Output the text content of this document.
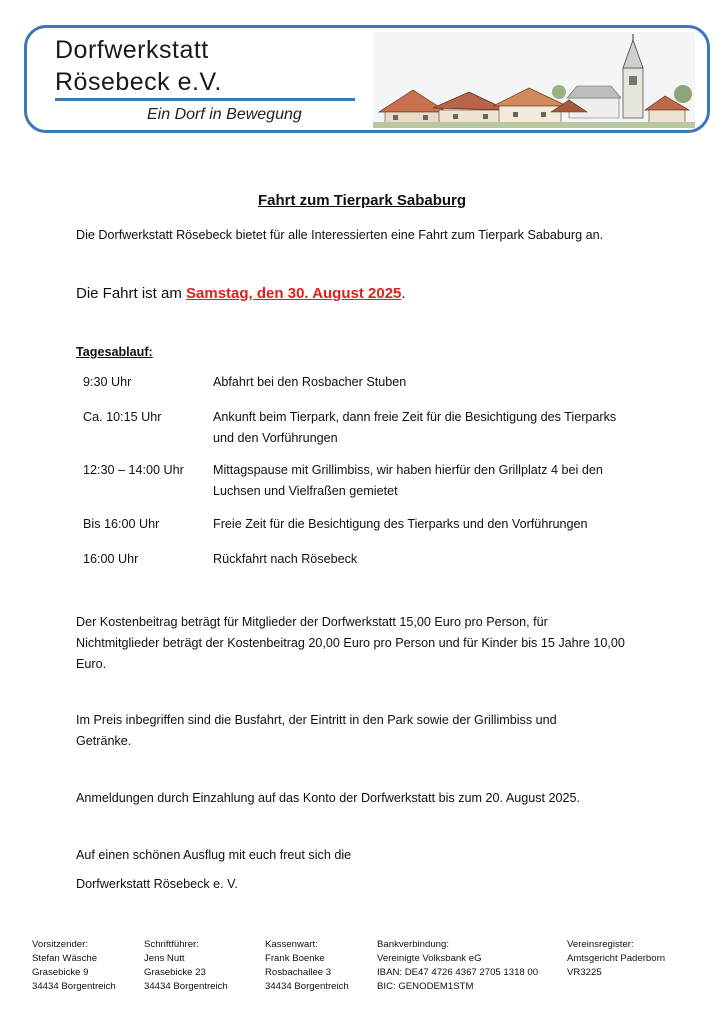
Dorfwerkstatt
Rösebeck e.V.
Ein Dorf in Bewegung
Fahrt zum Tierpark Sababurg
Die Dorfwerkstatt Rösebeck bietet für alle Interessierten eine Fahrt zum Tierpark Sababurg an.
Die Fahrt ist am Samstag, den 30. August 2025.
Tagesablauf:
9:30 Uhr	Abfahrt bei den Rosbacher Stuben
Ca. 10:15 Uhr	Ankunft beim Tierpark, dann freie Zeit für die Besichtigung des Tierparks und den Vorführungen
12:30 – 14:00 Uhr	Mittagspause mit Grillimbiss, wir haben hierfür den Grillplatz 4 bei den Luchsen und Vielfraßen gemietet
Bis 16:00 Uhr	Freie Zeit für die Besichtigung des Tierparks und den Vorführungen
16:00 Uhr	Rückfahrt nach Rösebeck
Der Kostenbeitrag beträgt für Mitglieder der Dorfwerkstatt 15,00 Euro pro Person, für Nichtmitglieder beträgt der Kostenbeitrag 20,00 Euro pro Person und für Kinder bis 15 Jahre 10,00 Euro.
Im Preis inbegriffen sind die Busfahrt, der Eintritt in den Park sowie der Grillimbiss und Getränke.
Anmeldungen durch Einzahlung auf das Konto der Dorfwerkstatt bis zum 20. August 2025.
Auf einen schönen Ausflug mit euch freut sich die
Dorfwerkstatt Rösebeck e. V.
Vorsitzender:
Stefan Wäsche
Grasebicke 9
34434 Borgentreich
Schriftführer:
Jens Nutt
Grasebicke 23
34434 Borgentreich
Kassenwart:
Frank Boenke
Rosbachallee 3
34434 Borgentreich
Bankverbindung:
Vereinigte Volksbank eG
IBAN: DE47 4726 4367 2705 1318 00
BIC: GENODEM1STM
Vereinsregister:
Amtsgericht Paderborn
VR3225
